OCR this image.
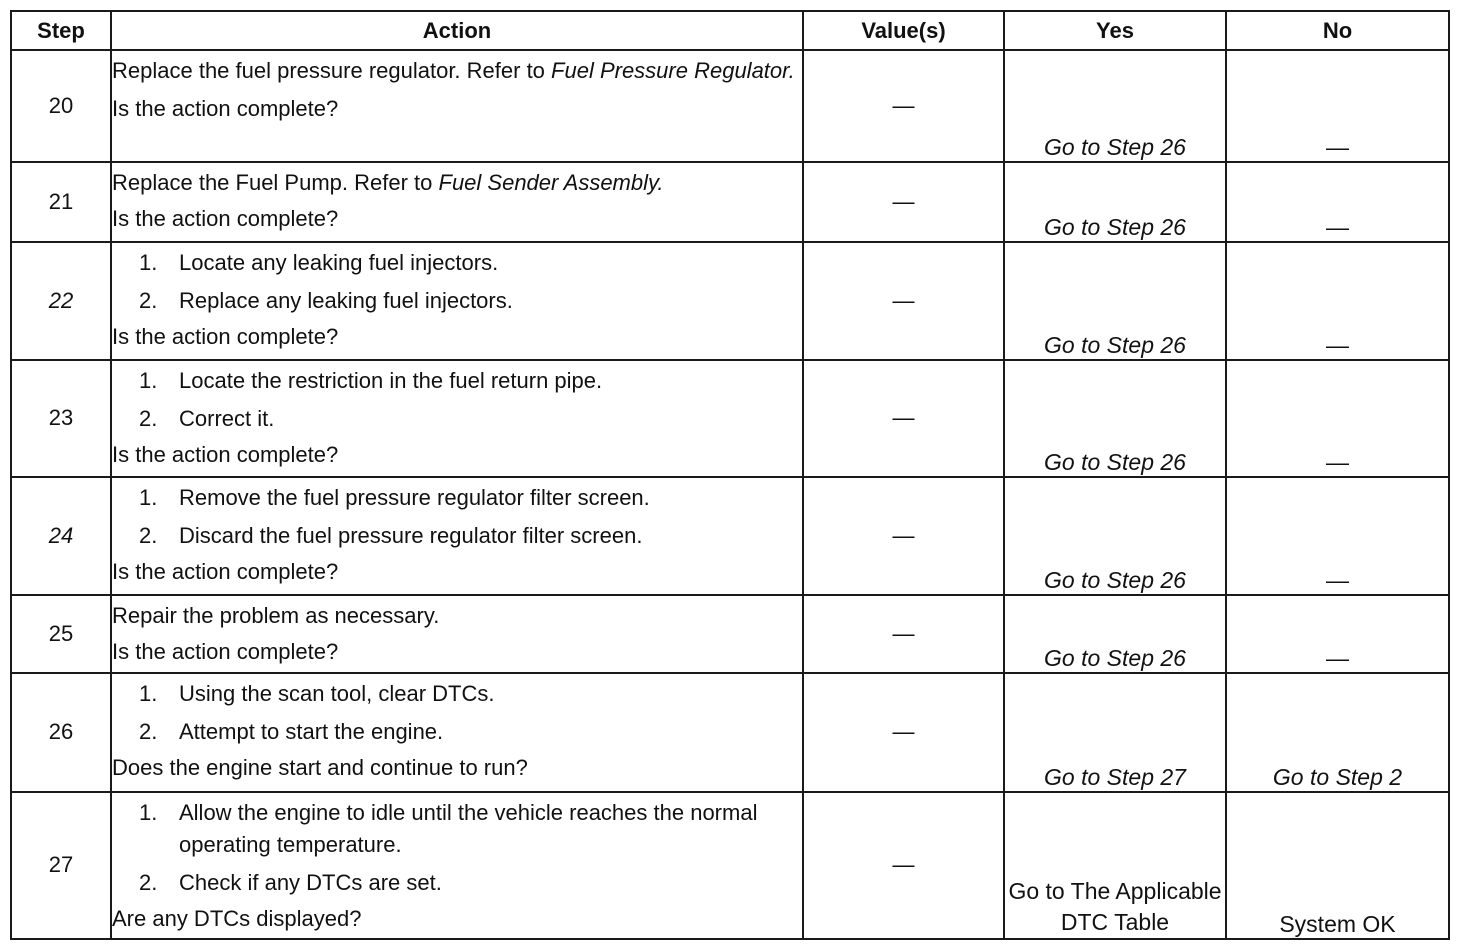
Step	Action	Value(s)	Yes	No
20	Replace the fuel pressure regulator. Refer to Fuel Pressure Regulator.
Is the action complete?	—	Go to Step 26	—
21	Replace the Fuel Pump. Refer to Fuel Sender Assembly.
Is the action complete?	—	Go to Step 26	—
22	1. Locate any leaking fuel injectors.
2. Replace any leaking fuel injectors.
Is the action complete?	—	Go to Step 26	—
23	1. Locate the restriction in the fuel return pipe.
2. Correct it.
Is the action complete?	—	Go to Step 26	—
24	1. Remove the fuel pressure regulator filter screen.
2. Discard the fuel pressure regulator filter screen.
Is the action complete?	—	Go to Step 26	—
25	Repair the problem as necessary.
Is the action complete?	—	Go to Step 26	—
26	1. Using the scan tool, clear DTCs.
2. Attempt to start the engine.
Does the engine start and continue to run?	—	Go to Step 27	Go to Step 2
27	1. Allow the engine to idle until the vehicle reaches the normal operating temperature.
2. Check if any DTCs are set.
Are any DTCs displayed?	—	Go to The Applicable DTC Table	System OK
